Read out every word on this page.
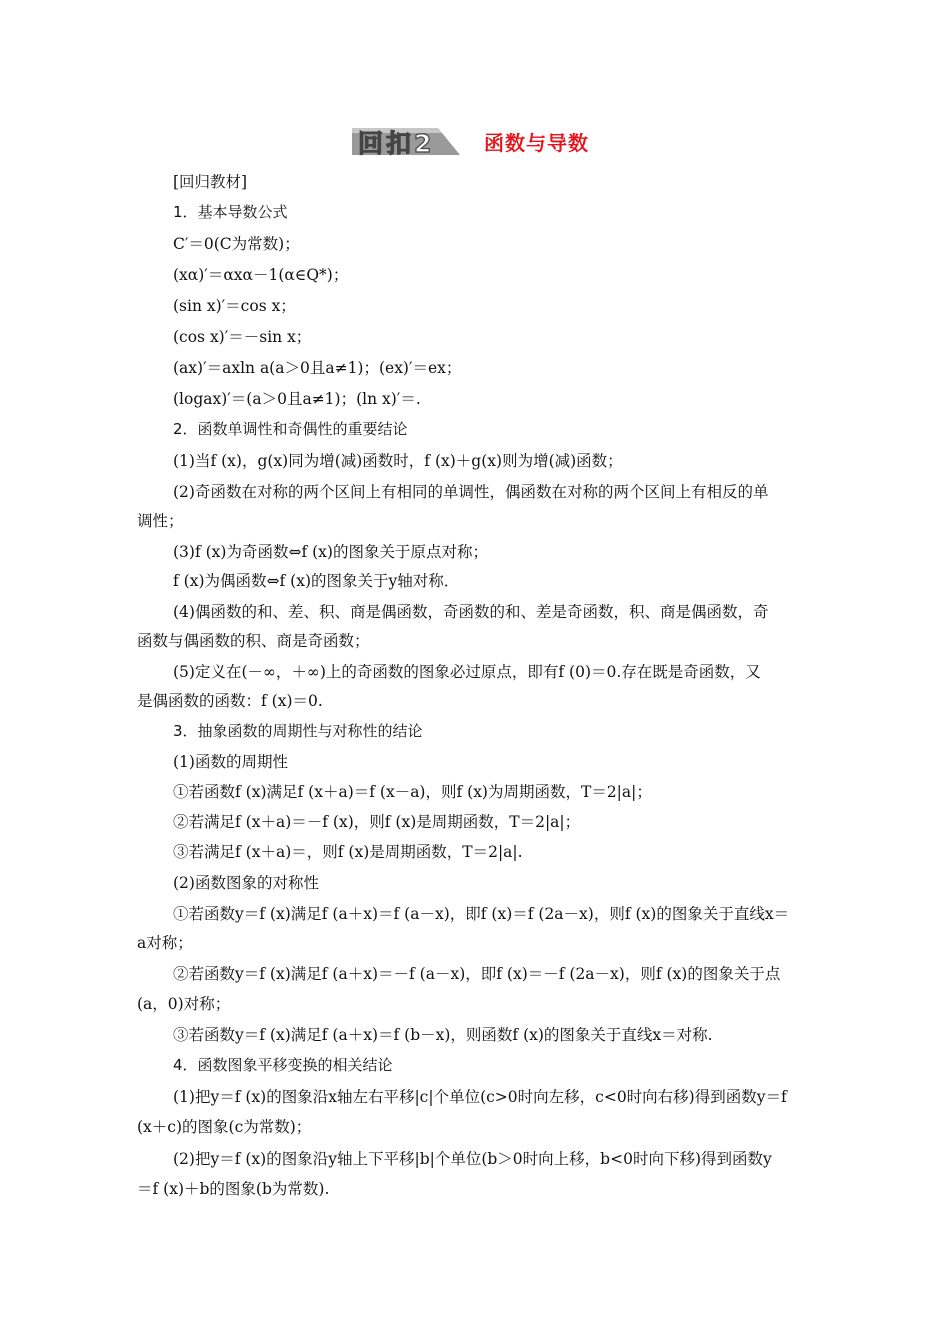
回扣2 函数与导数
[回归教材]
1．基本导数公式
C′＝0(C为常数)；
(xα)′＝αxα－1(α∈Q*)；
(sin x)′＝cos x；
(cos x)′＝－sin x；
(ax)′＝axln a(a＞0且a≠1)；(ex)′＝ex；
(logax)′＝(a＞0且a≠1)；(ln x)′＝.
2．函数单调性和奇偶性的重要结论
(1)当f (x)，g(x)同为增(减)函数时，f (x)＋g(x)则为增(减)函数；
(2)奇函数在对称的两个区间上有相同的单调性，偶函数在对称的两个区间上有相反的单
调性；
(3)f (x)为奇函数⇔f (x)的图象关于原点对称；
f (x)为偶函数⇔f (x)的图象关于y轴对称．
(4)偶函数的和、差、积、商是偶函数，奇函数的和、差是奇函数，积、商是偶函数，奇
函数与偶函数的积、商是奇函数；
(5)定义在(－∞，＋∞)上的奇函数的图象必过原点，即有f (0)＝0.存在既是奇函数，又
是偶函数的函数：f (x)＝0.
3．抽象函数的周期性与对称性的结论
(1)函数的周期性
①若函数f (x)满足f (x＋a)＝f (x－a)，则f (x)为周期函数，T＝2|a|；
②若满足f (x＋a)＝－f (x)，则f (x)是周期函数，T＝2|a|；
③若满足f (x＋a)＝，则f (x)是周期函数，T＝2|a|.
(2)函数图象的对称性
①若函数y＝f (x)满足f (a＋x)＝f (a－x)，即f (x)＝f (2a－x)，则f (x)的图象关于直线x＝
a对称；
②若函数y＝f (x)满足f (a＋x)＝－f (a－x)，即f (x)＝－f (2a－x)，则f (x)的图象关于点
(a，0)对称；
③若函数y＝f (x)满足f (a＋x)＝f (b－x)，则函数f (x)的图象关于直线x＝对称.
4．函数图象平移变换的相关结论
(1)把y＝f (x)的图象沿x轴左右平移|c|个单位(c>0时向左移，c<0时向右移)得到函数y＝f
(x＋c)的图象(c为常数)；
(2)把y＝f (x)的图象沿y轴上下平移|b|个单位(b＞0时向上移，b<0时向下移)得到函数y
＝f (x)＋b的图象(b为常数).
